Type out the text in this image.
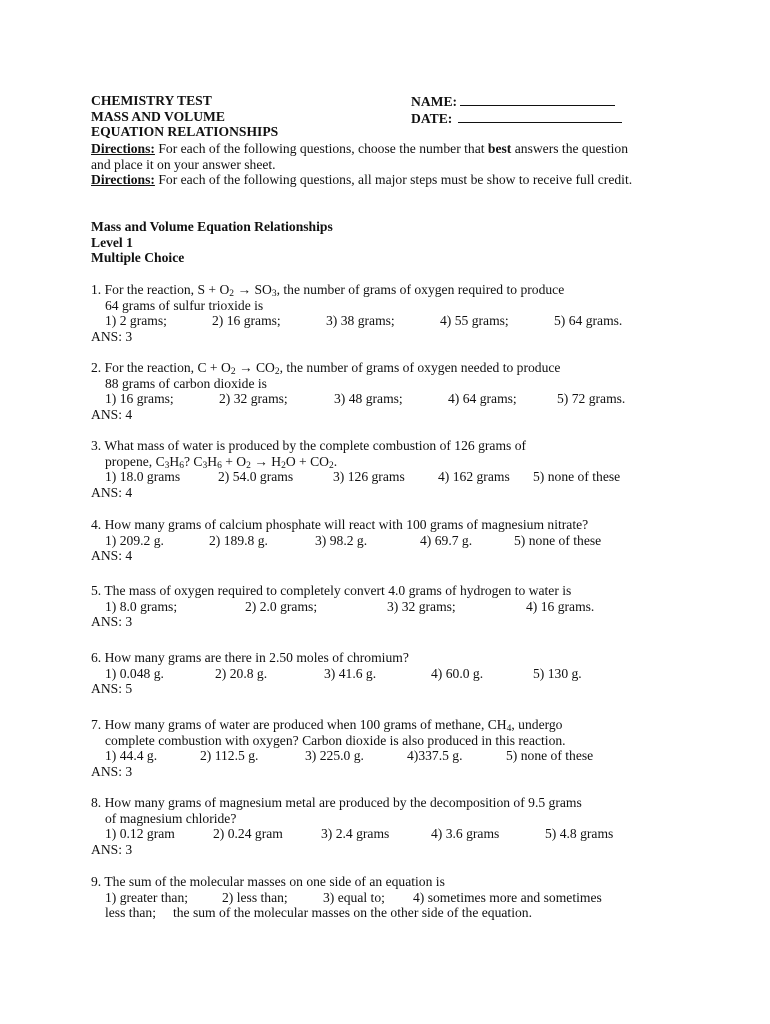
CHEMISTRY TEST
MASS AND VOLUME
EQUATION RELATIONSHIPS
NAME:
DATE:
Directions: For each of the following questions, choose the number that best answers the question and place it on your answer sheet.
Directions: For each of the following questions, all major steps must be show to receive full credit.
Mass and Volume Equation Relationships
Level 1
Multiple Choice
1. For the reaction, $S + O_2 \to SO_3$, the number of grams of oxygen required to produce
64 grams of sulfur trioxide is
1) 2 grams;	2) 16 grams;	3) 38 grams;	4) 55 grams;	5) 64 grams.
ANS: 3
2. For the reaction, $C + O_2 \to CO_2$, the number of grams of oxygen needed to produce
88 grams of carbon dioxide is
1) 16 grams;	2) 32 grams;	3) 48 grams;	4) 64 grams;	5) 72 grams.
ANS: 4
3. What mass of water is produced by the complete combustion of 126 grams of
propene, $C_3H_6$? $C_3H_6 + O_2 \to H_2O + CO_2$.
1) 18.0 grams	2) 54.0 grams	3) 126 grams 4) 162 grams 5) none of these
ANS: 4
4. How many grams of calcium phosphate will react with 100 grams of magnesium nitrate?
1) 209.2 g.	2) 189.8 g.	3) 98.2 g.	4) 69.7 g.	5) none of these
ANS: 4
5. The mass of oxygen required to completely convert 4.0 grams of hydrogen to water is
1) 8.0 grams;	2) 2.0 grams;	3) 32 grams;	4) 16 grams.
ANS: 3
6. How many grams are there in 2.50 moles of chromium?
1) 0.048 g.	2) 20.8 g.	3) 41.6 g.	4) 60.0 g.	5) 130 g.
ANS: 5
7. How many grams of water are produced when 100 grams of methane, $CH_4$, undergo
complete combustion with oxygen? Carbon dioxide is also produced in this reaction.
1) 44.4 g.	2) 112.5 g.	3) 225.0 g.	4)337.5 g.	5) none of these
ANS: 3
8. How many grams of magnesium metal are produced by the decomposition of 9.5 grams
of magnesium chloride?
1) 0.12 gram	2) 0.24 gram	3) 2.4 grams	4) 3.6 grams	5) 4.8 grams
ANS: 3
9. The sum of the molecular masses on one side of an equation is
1) greater than; 2) less than;	3) equal to; 4) sometimes more and sometimes
less than;     the sum of the molecular masses on the other side of the equation.
